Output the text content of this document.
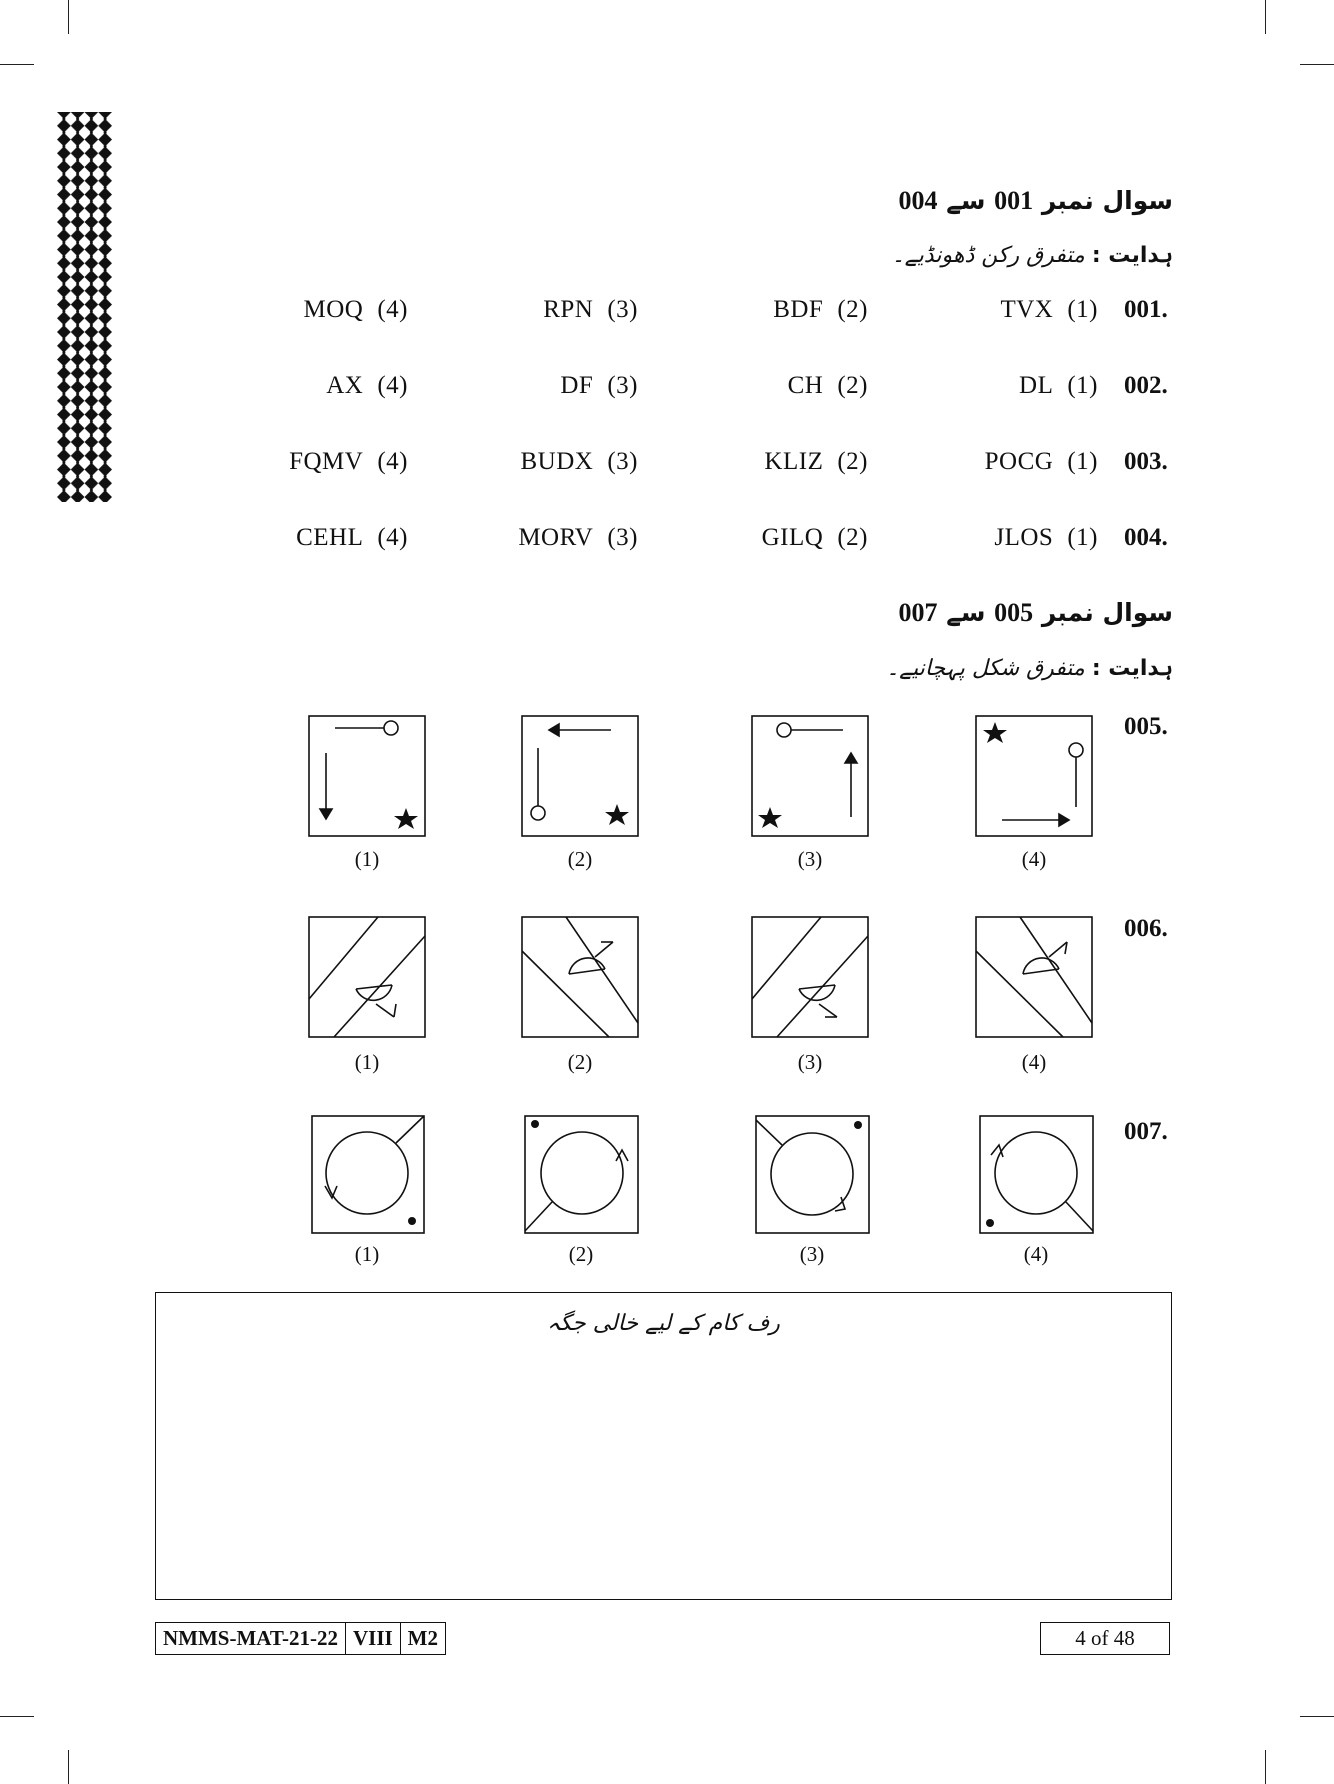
سوال نمبر 001 سے 004
ہدایت : متفرق رکن ڈھونڈیے۔
001.
TVX (1)
BDF (2)
RPN (3)
MOQ (4)
002.
DL (1)
CH (2)
DF (3)
AX (4)
003.
POCG (1)
KLIZ (2)
BUDX (3)
FQMV (4)
004.
JLOS (1)
GILQ (2)
MORV (3)
CEHL (4)
سوال نمبر 005 سے 007
ہدایت : متفرق شکل پہچانیے۔
005.
006.
007.
(1)	(2)	(3)	(4)
(1)	(2)	(3)	(4)
(1)	(2)	(3)	(4)
رف کام کے لیے خالی جگہ
NMMS-MAT-21-22 VIII M2	4 of 48
